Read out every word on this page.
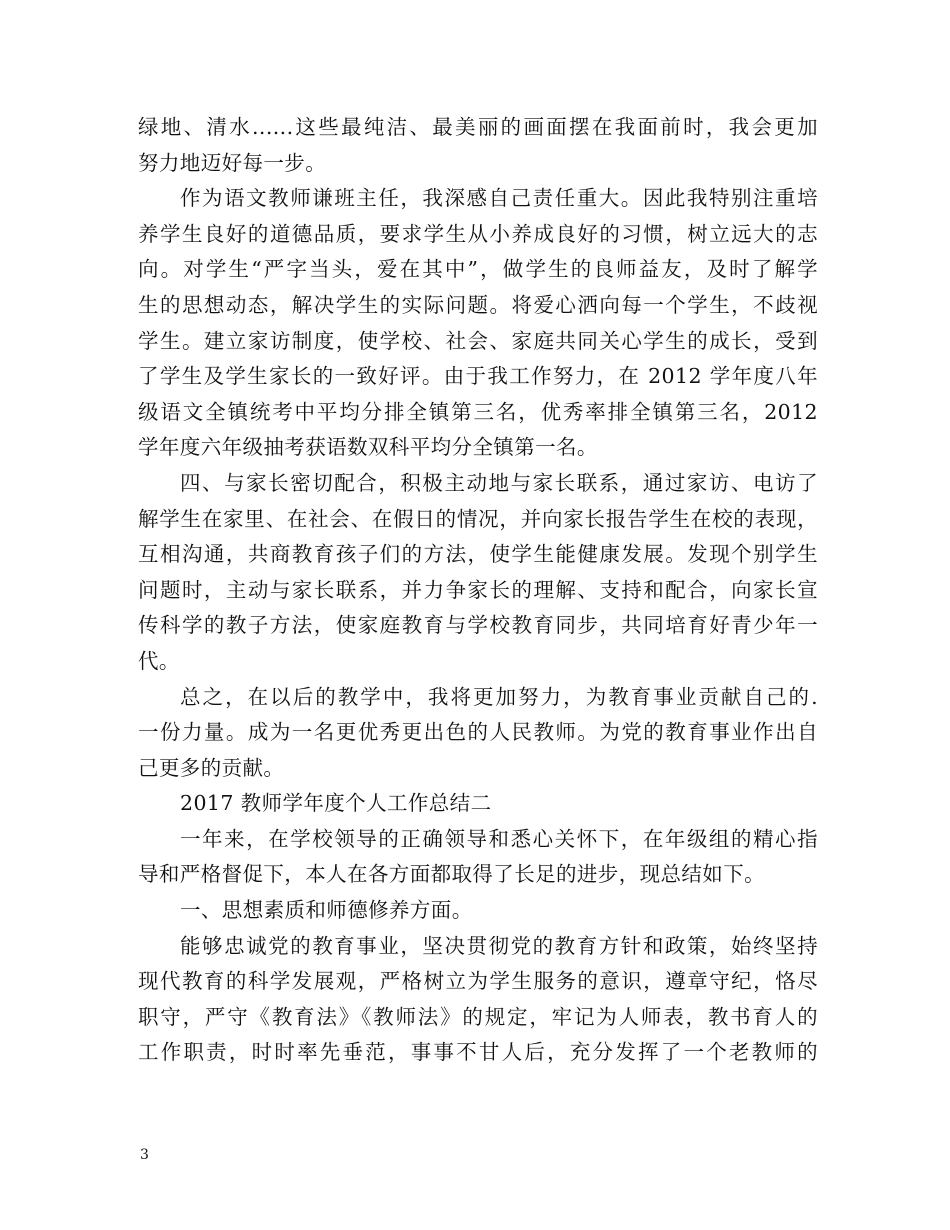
绿地、清水......这些最纯洁、最美丽的画面摆在我面前时，我会更加
努力地迈好每一步。
作为语文教师谦班主任，我深感自己责任重大。因此我特别注重培
养学生良好的道德品质，要求学生从小养成良好的习惯，树立远大的志
向。对学生“严字当头，爱在其中”，做学生的良师益友，及时了解学
生的思想动态，解决学生的实际问题。将爱心洒向每一个学生，不歧视
学生。建立家访制度，使学校、社会、家庭共同关心学生的成长，受到
了学生及学生家长的一致好评。由于我工作努力，在 2012 学年度八年
级语文全镇统考中平均分排全镇第三名，优秀率排全镇第三名，2012
学年度六年级抽考获语数双科平均分全镇第一名。
四、与家长密切配合，积极主动地与家长联系，通过家访、电访了
解学生在家里、在社会、在假日的情况，并向家长报告学生在校的表现，
互相沟通，共商教育孩子们的方法，使学生能健康发展。发现个别学生
问题时，主动与家长联系，并力争家长的理解、支持和配合，向家长宣
传科学的教子方法，使家庭教育与学校教育同步，共同培育好青少年一
代。
总之，在以后的教学中，我将更加努力，为教育事业贡献自己的.
一份力量。成为一名更优秀更出色的人民教师。为党的教育事业作出自
己更多的贡献。
2017 教师学年度个人工作总结二
一年来，在学校领导的正确领导和悉心关怀下，在年级组的精心指
导和严格督促下，本人在各方面都取得了长足的进步，现总结如下。
一、思想素质和师德修养方面。
能够忠诚党的教育事业，坚决贯彻党的教育方针和政策，始终坚持
现代教育的科学发展观，严格树立为学生服务的意识，遵章守纪，恪尽
职守，严守《教育法》《教师法》的规定，牢记为人师表，教书育人的
工作职责，时时率先垂范，事事不甘人后，充分发挥了一个老教师的
3
